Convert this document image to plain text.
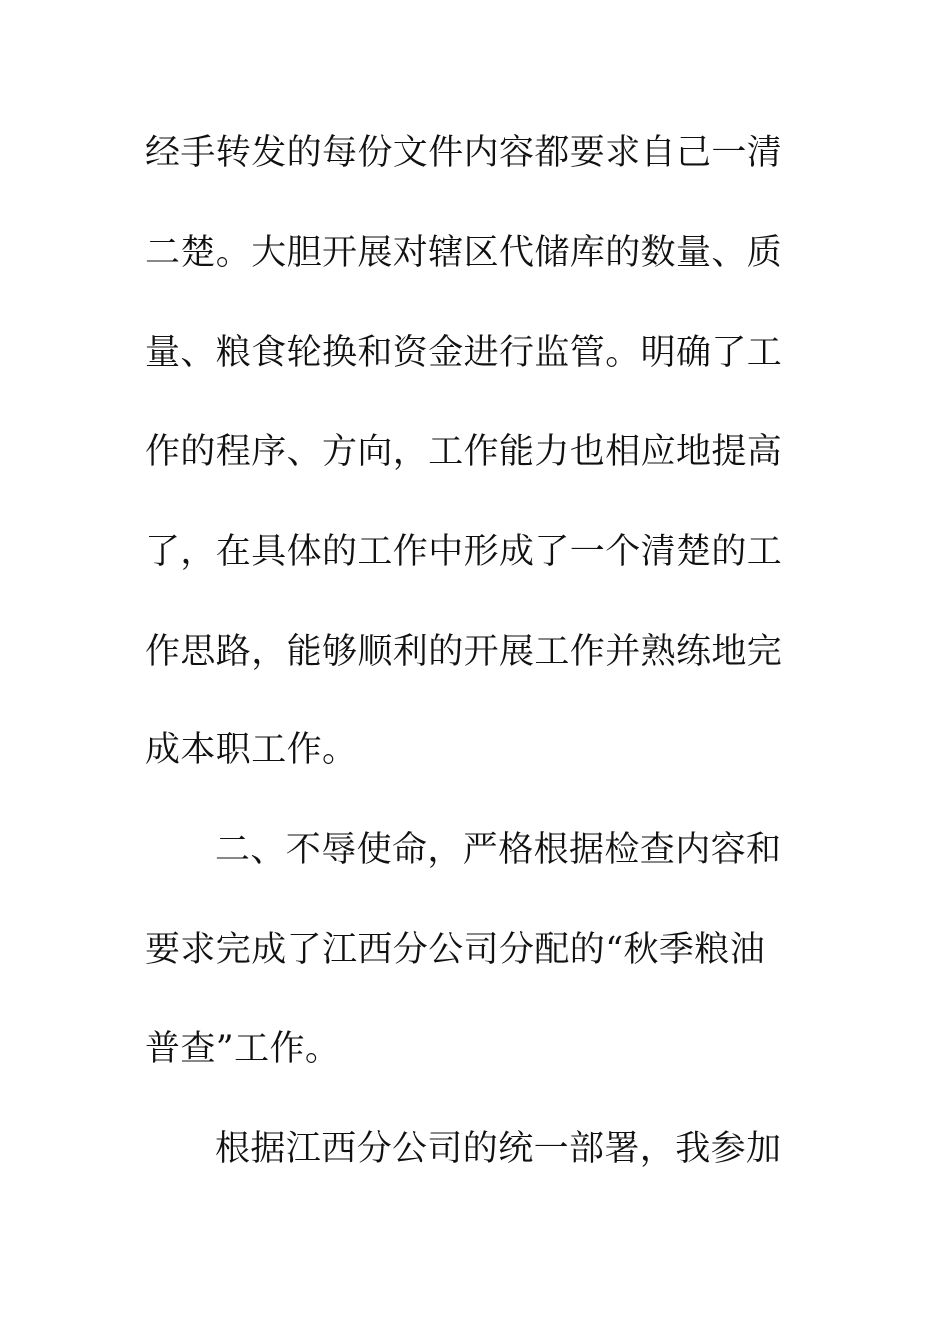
经手转发的每份文件内容都要求自己一清
二楚。大胆开展对辖区代储库的数量、质
量、粮食轮换和资金进行监管。明确了工
作的程序、方向，工作能力也相应地提高
了，在具体的工作中形成了一个清楚的工
作思路，能够顺利的开展工作并熟练地完
成本职工作。
二、不辱使命，严格根据检查内容和
要求完成了江西分公司分配的“秋季粮油
普查”工作。
根据江西分公司的统一部署，我参加
